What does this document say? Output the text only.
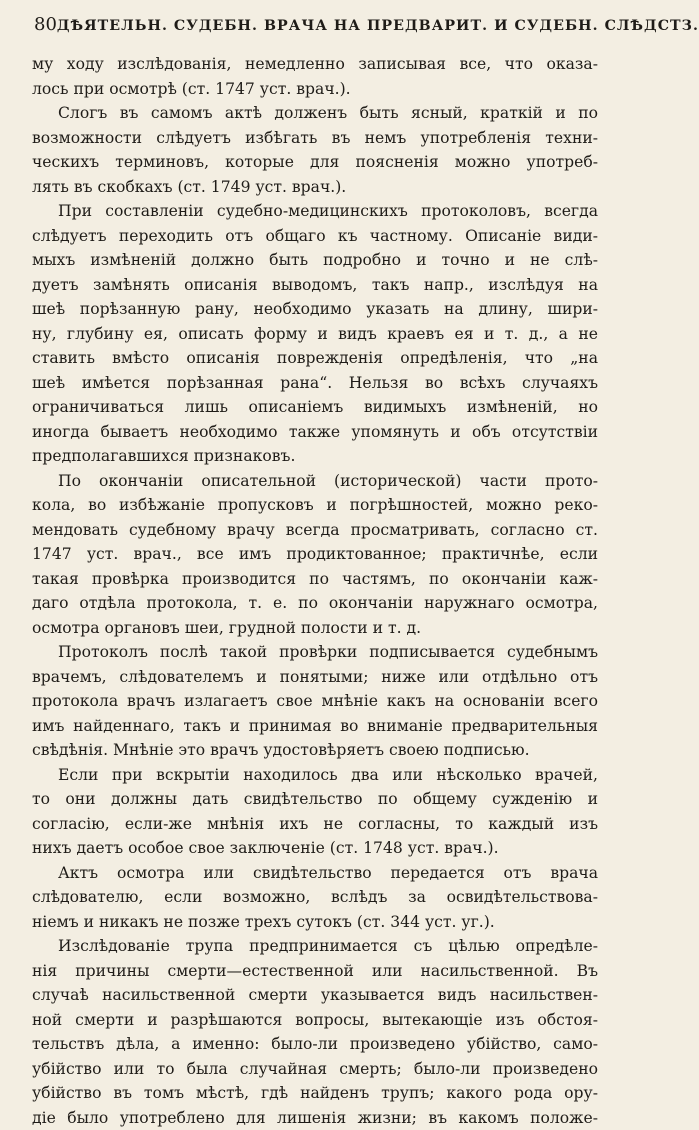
80 ДѢЯТЕЛЬН. СУДЕБН. ВРАЧА НА ПРЕДВАРИТ. И СУДЕБН. СЛѢДСТЗ.
му ходу изслѣдованія, немедленно записывая все, что оказа-
лось при осмотрѣ (ст. 1747 уст. врач.).
Слогъ въ самомъ актѣ долженъ быть ясный, краткій и по
возможности слѣдуетъ избѣгать въ немъ употребленія техни-
ческихъ терминовъ, которые для поясненія можно употреб-
лять въ скобкахъ (ст. 1749 уст. врач.).
При составленіи судебно-медицинскихъ протоколовъ, всегда
слѣдуетъ переходить отъ общаго къ частному. Описаніе види-
мыхъ измѣненій должно быть подробно и точно и не слѣ-
дуетъ замѣнять описанія выводомъ, такъ напр., изслѣдуя на
шеѣ порѣзанную рану, необходимо указать на длину, шири-
ну, глубину ея, описать форму и видъ краевъ ея и т. д., а не
ставить вмѣсто описанія поврежденія опредѣленія, что „на
шеѣ имѣется порѣзанная рана“. Нельзя во всѣхъ случаяхъ
ограничиваться лишь описаніемъ видимыхъ измѣненій, но
иногда бываетъ необходимо также упомянуть и объ отсутствіи
предполагавшихся признаковъ.
По окончаніи описательной (исторической) части прото-
кола, во избѣжаніе пропусковъ и погрѣшностей, можно реко-
мендовать судебному врачу всегда просматривать, согласно ст.
1747 уст. врач., все имъ продиктованное; практичнѣе, если
такая провѣрка производится по частямъ, по окончаніи каж-
даго отдѣла протокола, т. е. по окончаніи наружнаго осмотра,
осмотра органовъ шеи, грудной полости и т. д.
Протоколъ послѣ такой провѣрки подписывается судебнымъ
врачемъ, слѣдователемъ и понятыми; ниже или отдѣльно отъ
протокола врачъ излагаетъ свое мнѣніе какъ на основаніи всего
имъ найденнаго, такъ и принимая во вниманіе предварительныя
свѣдѣнія. Мнѣніе это врачъ удостовѣряетъ своею подписью.
Если при вскрытіи находилось два или нѣсколько врачей,
то они должны дать свидѣтельство по общему сужденію и
согласію, если-же мнѣнія ихъ не согласны, то каждый изъ
нихъ даетъ особое свое заключеніе (ст. 1748 уст. врач.).
Актъ осмотра или свидѣтельство передается отъ врача
слѣдователю, если возможно, вслѣдъ за освидѣтельствова-
ніемъ и никакъ не позже трехъ сутокъ (ст. 344 уст. уг.).
Изслѣдованіе трупа предпринимается съ цѣлью опредѣле-
нія причины смерти—естественной или насильственной. Въ
случаѣ насильственной смерти указывается видъ насильствен-
ной смерти и разрѣшаются вопросы, вытекающіе изъ обстоя-
тельствъ дѣла, а именно: было-ли произведено убійство, само-
убійство или то была случайная смерть; было-ли произведено
убійство въ томъ мѣстѣ, гдѣ найденъ трупъ; какого рода ору-
діе было употреблено для лишенія жизни; въ какомъ положе-
